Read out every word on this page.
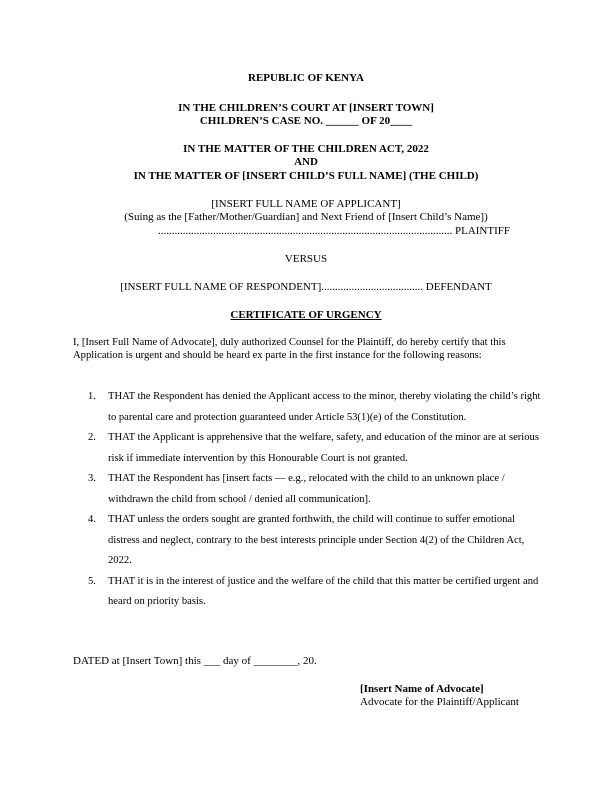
REPUBLIC OF KENYA
IN THE CHILDREN’S COURT AT [INSERT TOWN]
CHILDREN’S CASE NO. ______ OF 20____
IN THE MATTER OF THE CHILDREN ACT, 2022
AND
IN THE MATTER OF [INSERT CHILD’S FULL NAME] (THE CHILD)
[INSERT FULL NAME OF APPLICANT]
(Suing as the [Father/Mother/Guardian] and Next Friend of [Insert Child’s Name])
........................................................................................................... PLAINTIFF
VERSUS
[INSERT FULL NAME OF RESPONDENT]..................................... DEFENDANT
CERTIFICATE OF URGENCY
I, [Insert Full Name of Advocate], duly authorized Counsel for the Plaintiff, do hereby certify that this Application is urgent and should be heard ex parte in the first instance for the following reasons:
1. THAT the Respondent has denied the Applicant access to the minor, thereby violating the child’s right to parental care and protection guaranteed under Article 53(1)(e) of the Constitution.
2. THAT the Applicant is apprehensive that the welfare, safety, and education of the minor are at serious risk if immediate intervention by this Honourable Court is not granted.
3. THAT the Respondent has [insert facts — e.g., relocated with the child to an unknown place / withdrawn the child from school / denied all communication].
4. THAT unless the orders sought are granted forthwith, the child will continue to suffer emotional distress and neglect, contrary to the best interests principle under Section 4(2) of the Children Act, 2022.
5. THAT it is in the interest of justice and the welfare of the child that this matter be certified urgent and heard on priority basis.
DATED at [Insert Town] this ___ day of ________, 20.
[Insert Name of Advocate]
Advocate for the Plaintiff/Applicant
